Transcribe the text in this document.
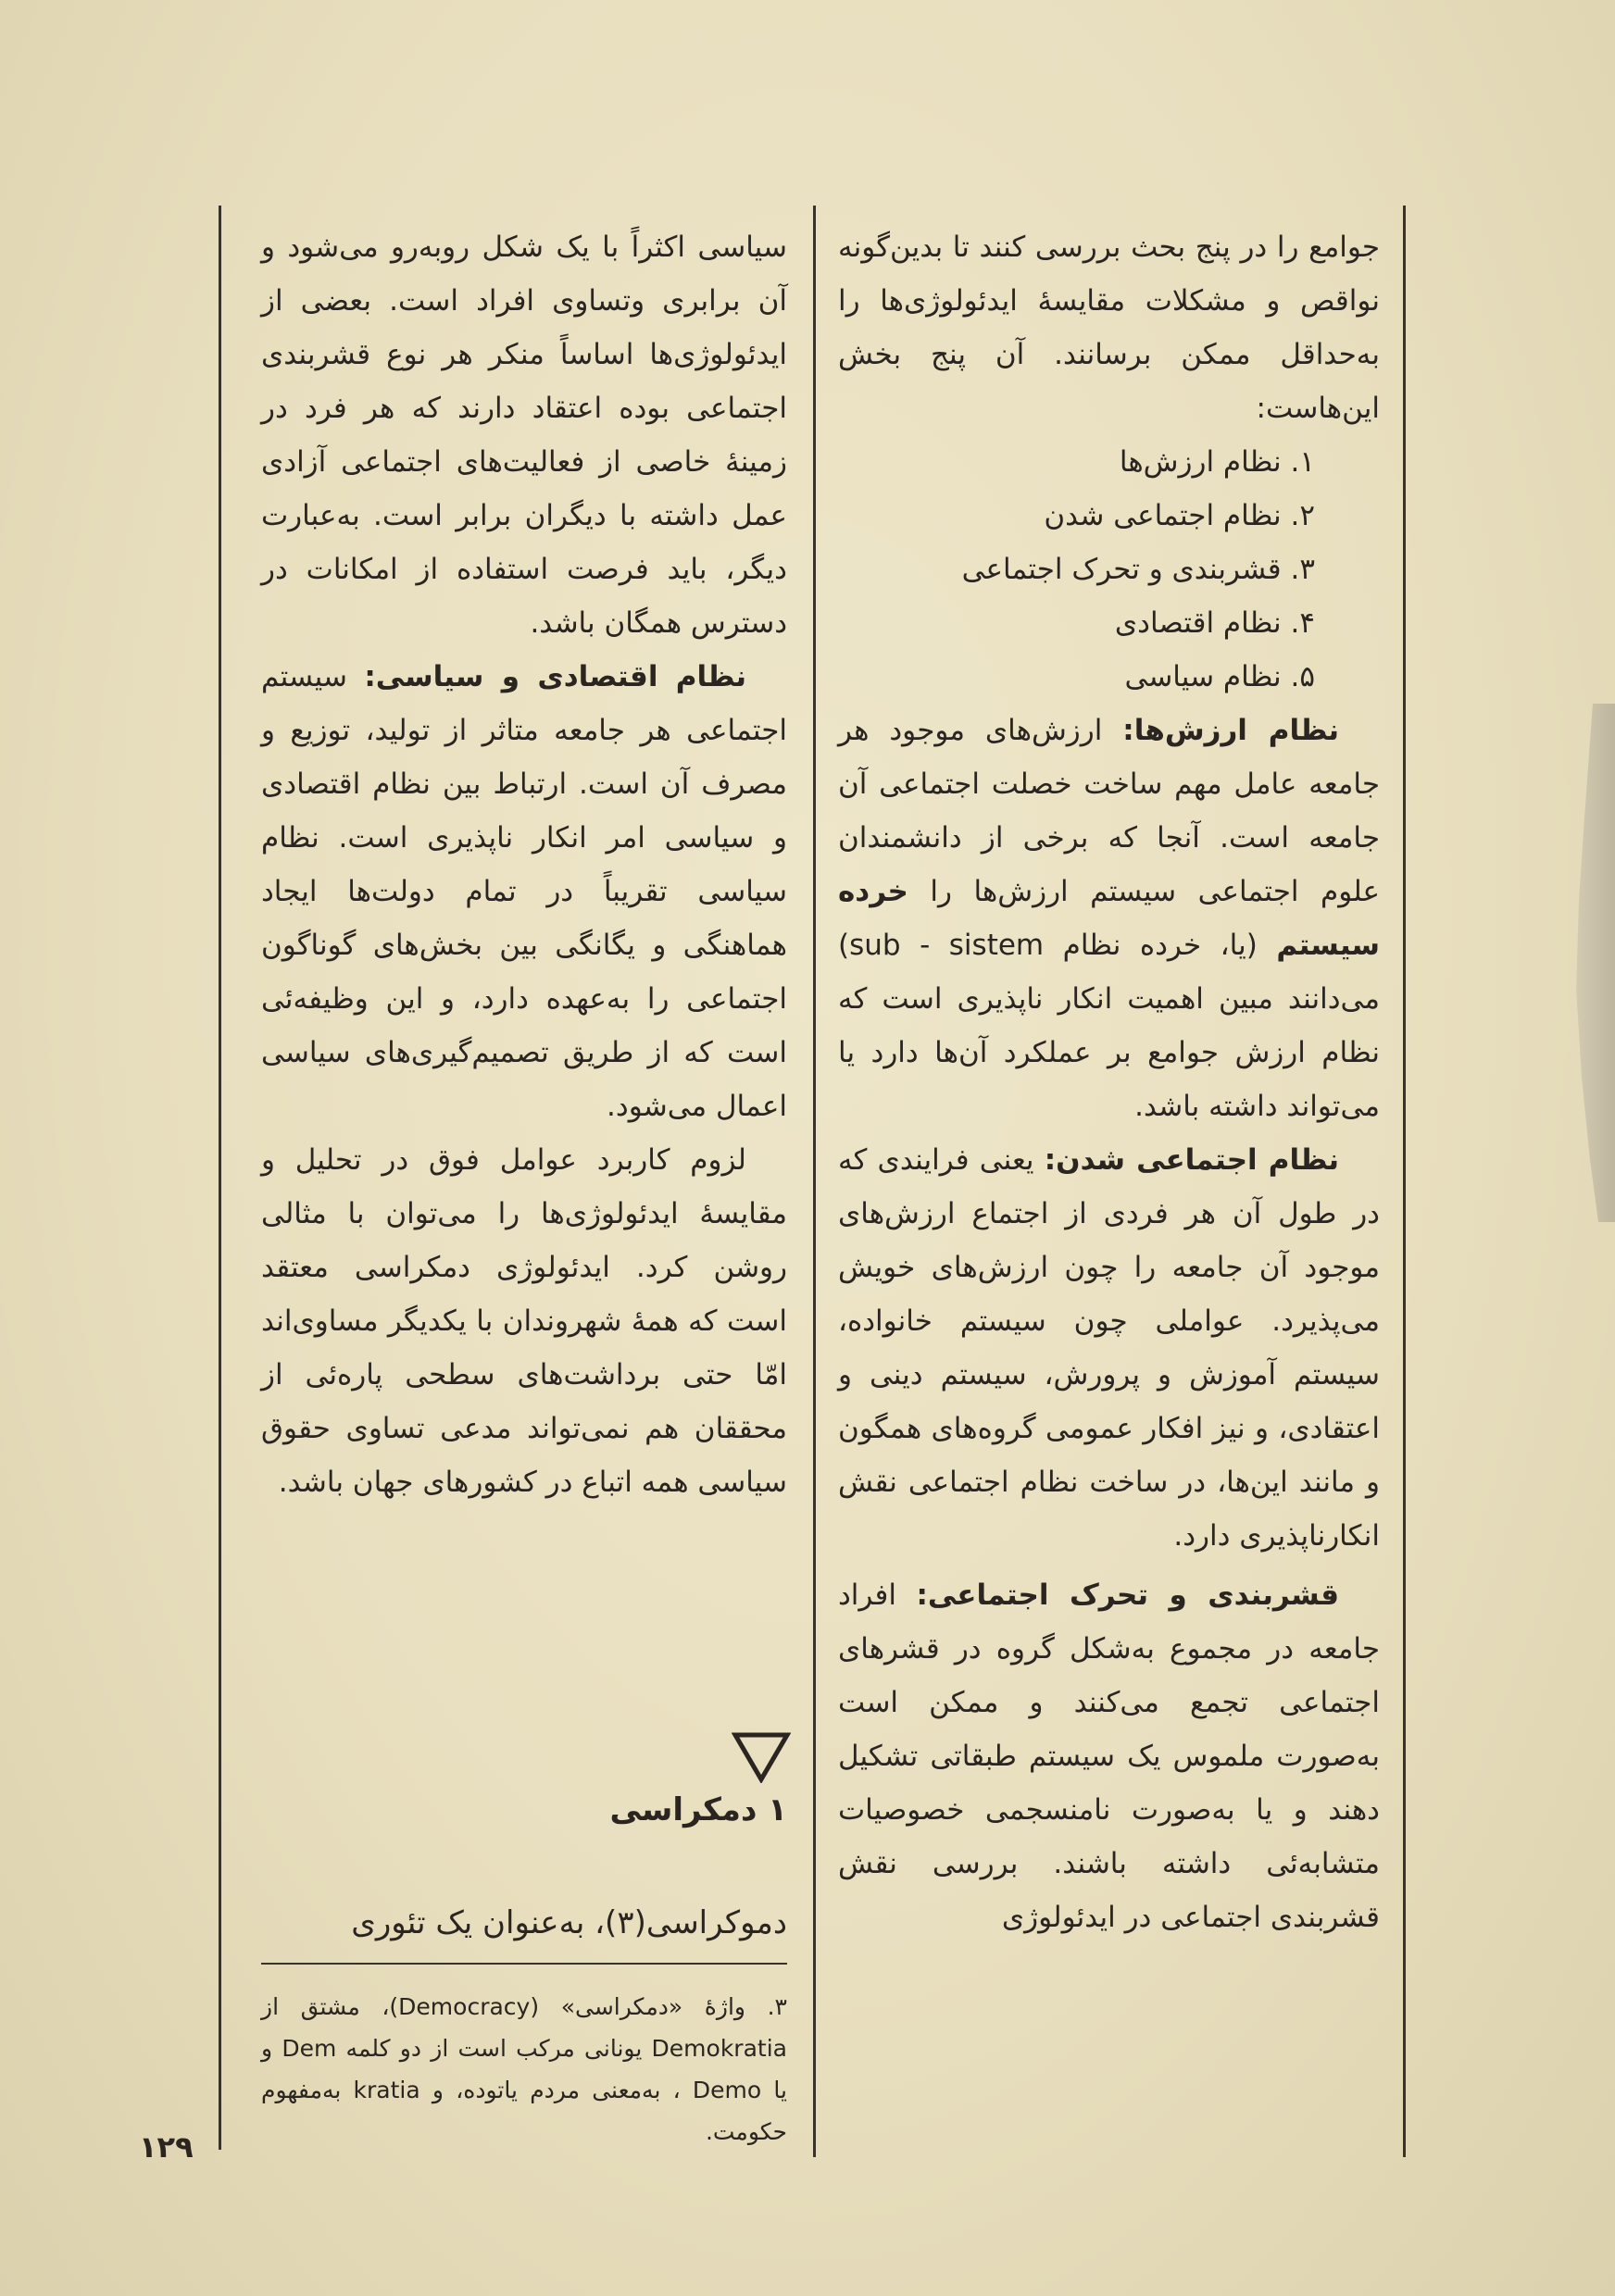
جوامع را در پنج بحث بررسی کنند تا بدین‌گونه نواقص و مشکلات مقایسهٔ ایدئولوژی‌ها را به‌حداقل ممکن برسانند. آن پنج بخش این‌هاست:

۱. نظام ارزش‌ها

۲. نظام اجتماعی شدن

۳. قشربندی و تحرک اجتماعی

۴. نظام اقتصادی

۵. نظام سیاسی

نظام ارزش‌ها: ارزش‌های موجود هر جامعه عامل مهم ساخت خصلت اجتماعی آن جامعه است. آنجا که برخی از دانشمندان علوم اجتماعی سیستم ارزش‌ها را خرده سیستم (یا، خرده نظام sub - sistem) می‌دانند مبین اهمیت انکار ناپذیری است که نظام ارزش جوامع بر عملکرد آن‌ها دارد یا می‌تواند داشته باشد.

نظام اجتماعی شدن: یعنی فرایندی که در طول آن هر فردی از اجتماع ارزش‌های موجود آن جامعه را چون ارزش‌های خویش می‌پذیرد. عواملی چون سیستم خانواده، سیستم آموزش و پرورش، سیستم دینی و اعتقادی، و نیز افکار عمومی گروه‌های همگون و مانند این‌ها، در ساخت نظام اجتماعی نقش انکارناپذیری دارد.

قشربندی و تحرک اجتماعی: افراد جامعه در مجموع به‌شکل گروه در قشرهای اجتماعی تجمع می‌کنند و ممکن است به‌صورت ملموس یک سیستم طبقاتی تشکیل دهند و یا به‌صورت نامنسجمی خصوصیات متشابه‌ئی داشته باشند. بررسی نقش قشربندی اجتماعی در ایدئولوژی

سیاسی اکثراً با یک شکل روبه‌رو می‌شود و آن برابری وتساوی افراد است. بعضی از ایدئولوژی‌ها اساساً منکر هر نوع قشربندی اجتماعی بوده اعتقاد دارند که هر فرد در زمینهٔ خاصی از فعالیت‌های اجتماعی آزادی عمل داشته با دیگران برابر است. به‌عبارت دیگر، باید فرصت استفاده از امکانات در دسترس همگان باشد.

نظام اقتصادی و سیاسی: سیستم اجتماعی هر جامعه متاثر از تولید، توزیع و مصرف آن است. ارتباط بین نظام اقتصادی و سیاسی امر انکار ناپذیری است. نظام سیاسی تقریباً در تمام دولت‌ها ایجاد هماهنگی و یگانگی بین بخش‌های گوناگون اجتماعی را به‌عهده دارد، و این وظیفه‌ئی است که از طریق تصمیم‌گیری‌های سیاسی اعمال می‌شود.

لزوم کاربرد عوامل فوق در تحلیل و مقایسهٔ ایدئولوژی‌ها را می‌توان با مثالی روشن کرد. ایدئولوژی دمکراسی معتقد است که همهٔ شهروندان با یکدیگر مساوی‌اند امّا حتی برداشت‌های سطحی پاره‌ئی از محققان هم نمی‌تواند مدعی تساوی حقوق سیاسی همه اتباع در کشورهای جهان باشد.

۱ دمکراسی
دموکراسی(۳)، به‌عنوان یک تئوری

۳. واژهٔ «دمکراسی» (Democracy)، مشتق از Demokratia یونانی مرکب است از دو کلمه Dem و یا Demo ، به‌معنی مردم یاتوده، و kratia به‌مفهوم حکومت.

۱۲۹
